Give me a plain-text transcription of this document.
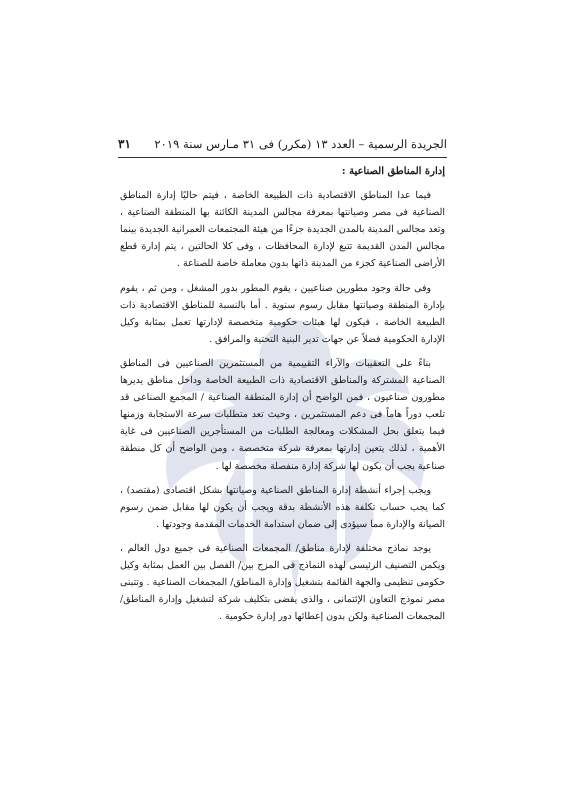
الجريدة الرسمية – العدد ١٣ (مكرر) فى ٣١ مـارس سنة ٢٠١٩
٣١

إدارة المناطق الصناعية :

فيما عدا المناطق الاقتصادية ذات الطبيعة الخاصة ، فيتم حاليًا إدارة المناطق الصناعية فى مصر وصيانتها بمعرفة مجالس المدينة الكائنة بها المنطقة الصناعية ، وتعد مجالس المدينة بالمدن الجديدة جزءًا من هيئة المجتمعات العمرانية الجديدة بينما مجالس المدن القديمة تتبع لإدارة المحافظات ، وفى كلا الحالتين ، يتم إدارة قطع الأراضى الصناعية كجزء من المدينة ذاتها بدون معاملة خاصة للصناعة .

وفى حالة وجود مطورين صناعيين ، يقوم المطور بدور المشغل ، ومن ثم ، يقوم بإدارة المنطقة وصيانتها مقابل رسوم سنوية . أما بالنسبة للمناطق الاقتصادية ذات الطبيعة الخاصة ، فيكون لها هيئات حكومية متخصصة لإدارتها تعمل بمثابة وكيل الإدارة الحكومية فضلاً عن جهات تدير البنية التحتية والمرافق .

بناءً على التعقيبات والآراء التقييمية من المستثمرين الصناعيين فى المناطق الصناعية المشتركة والمناطق الاقتصادية ذات الطبيعة الخاصة وداخل مناطق يديرها مطورون صناعيون ، فمن الواضح أن إدارة المنطقة الصناعية / المجمع الصناعى قد تلعب دوراً هاماً فى دعم المستثمرين ، وحيث تعد متطلبات سرعة الاستجابة وزمنها فيما يتعلق بحل المشكلات ومعالجة الطلبات من المستأجرين الصناعيين فى غاية الأهمية ، لذلك يتعين إدارتها بمعرفة شركة متخصصة ، ومن الواضح أن كل منطقة صناعية يجب أن يكون لها شركة إدارة منفصلة مخصصة لها .

ويجب إجراء أنشطة إدارة المناطق الصناعية وصيانتها بشكل اقتصادى (مقتصد) ، كما يجب حساب تكلفة هذه الأنشطة بدقة ويجب أن يكون لها مقابل ضمن رسوم الصيانة والإدارة مما سيؤدى إلى ضمان استدامة الخدمات المقدمة وجودتها .

يوجد نماذج مختلفة لإدارة مناطق/ المجمعات الصناعية فى جميع دول العالم ، ويكمن التصنيف الرئيسى لهذه النماذج فى المزج بين/ الفصل بين العمل بمثابة وكيل حكومى تنظيمى والجهة القائمة بتشغيل وإدارة المناطق/ المجمعات الصناعية . وتتبنى مصر نموذج التعاون الإئتمانى ، والذى يقضى بتكليف شركة لتشغيل وإدارة المناطق/ المجمعات الصناعية ولكن بدون إعطائها دور إدارة حكومية .
